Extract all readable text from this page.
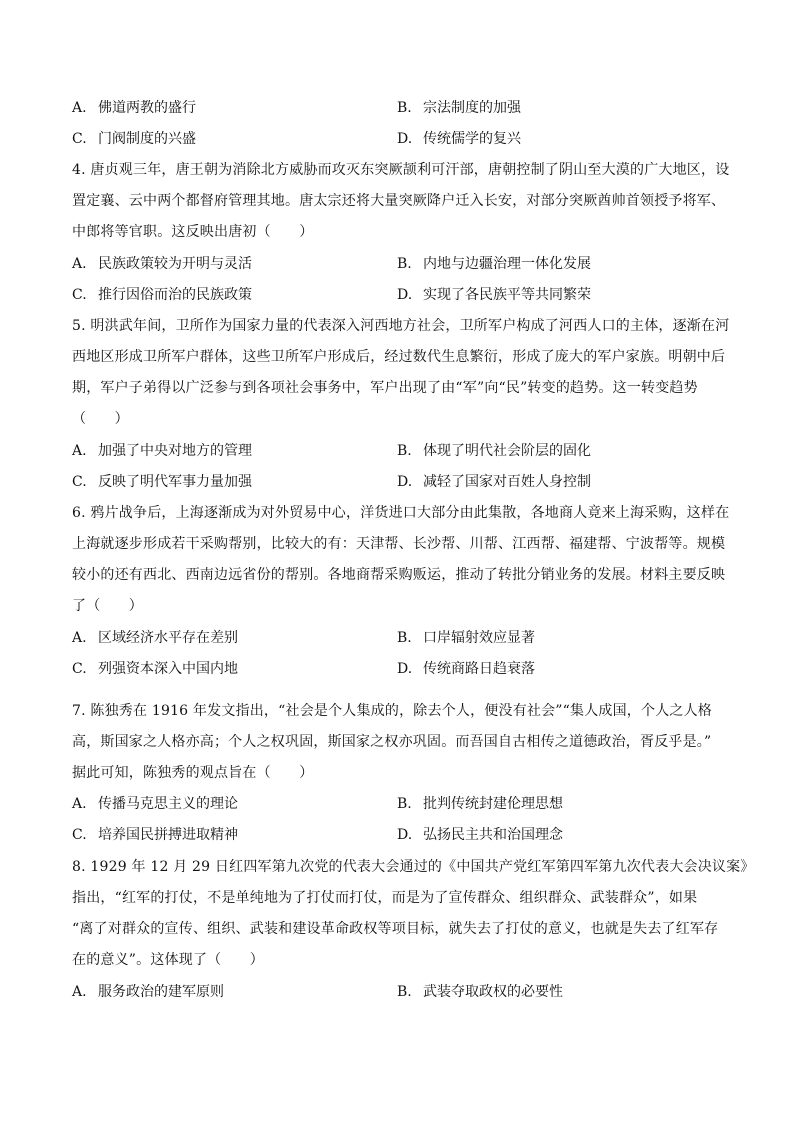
A. 佛道两教的盛行	B. 宗法制度的加强
C. 门阀制度的兴盛	D. 传统儒学的复兴
4. 唐贞观三年，唐王朝为消除北方威胁而攻灭东突厥颉利可汗部，唐朝控制了阴山至大漠的广大地区，设
置定襄、云中两个都督府管理其地。唐太宗还将大量突厥降户迁入长安，对部分突厥酋帅首领授予将军、
中郎将等官职。这反映出唐初（　　）
A. 民族政策较为开明与灵活	B. 内地与边疆治理一体化发展
C. 推行因俗而治的民族政策	D. 实现了各民族平等共同繁荣
5. 明洪武年间，卫所作为国家力量的代表深入河西地方社会，卫所军户构成了河西人口的主体，逐渐在河
西地区形成卫所军户群体，这些卫所军户形成后，经过数代生息繁衍，形成了庞大的军户家族。明朝中后
期，军户子弟得以广泛参与到各项社会事务中，军户出现了由“军”向“民”转变的趋势。这一转变趋势
（　　）
A. 加强了中央对地方的管理	B. 体现了明代社会阶层的固化
C. 反映了明代军事力量加强	D. 减轻了国家对百姓人身控制
6. 鸦片战争后，上海逐渐成为对外贸易中心，洋货进口大部分由此集散，各地商人竟来上海采购，这样在
上海就逐步形成若干采购帮别，比较大的有：天津帮、长沙帮、川帮、江西帮、福建帮、宁波帮等。规模
较小的还有西北、西南边远省份的帮别。各地商帮采购贩运，推动了转批分销业务的发展。材料主要反映
了（　　）
A. 区域经济水平存在差别	B. 口岸辐射效应显著
C. 列强资本深入中国内地	D. 传统商路日趋衰落
7. 陈独秀在 1916 年发文指出，“社会是个人集成的，除去个人，便没有社会”“集人成国，个人之人格
高，斯国家之人格亦高；个人之权巩固，斯国家之权亦巩固。而吾国自古相传之道德政治，胥反乎是。”
据此可知，陈独秀的观点旨在（　　）
A. 传播马克思主义的理论	B. 批判传统封建伦理思想
C. 培养国民拼搏进取精神	D. 弘扬民主共和治国理念
8. 1929 年 12 月 29 日红四军第九次党的代表大会通过的《中国共产党红军第四军第九次代表大会决议案》
指出，“红军的打仗，不是单纯地为了打仗而打仗，而是为了宣传群众、组织群众、武装群众”，如果
“离了对群众的宣传、组织、武装和建设革命政权等项目标，就失去了打仗的意义，也就是失去了红军存
在的意义”。这体现了（　　）
A. 服务政治的建军原则	B. 武装夺取政权的必要性
